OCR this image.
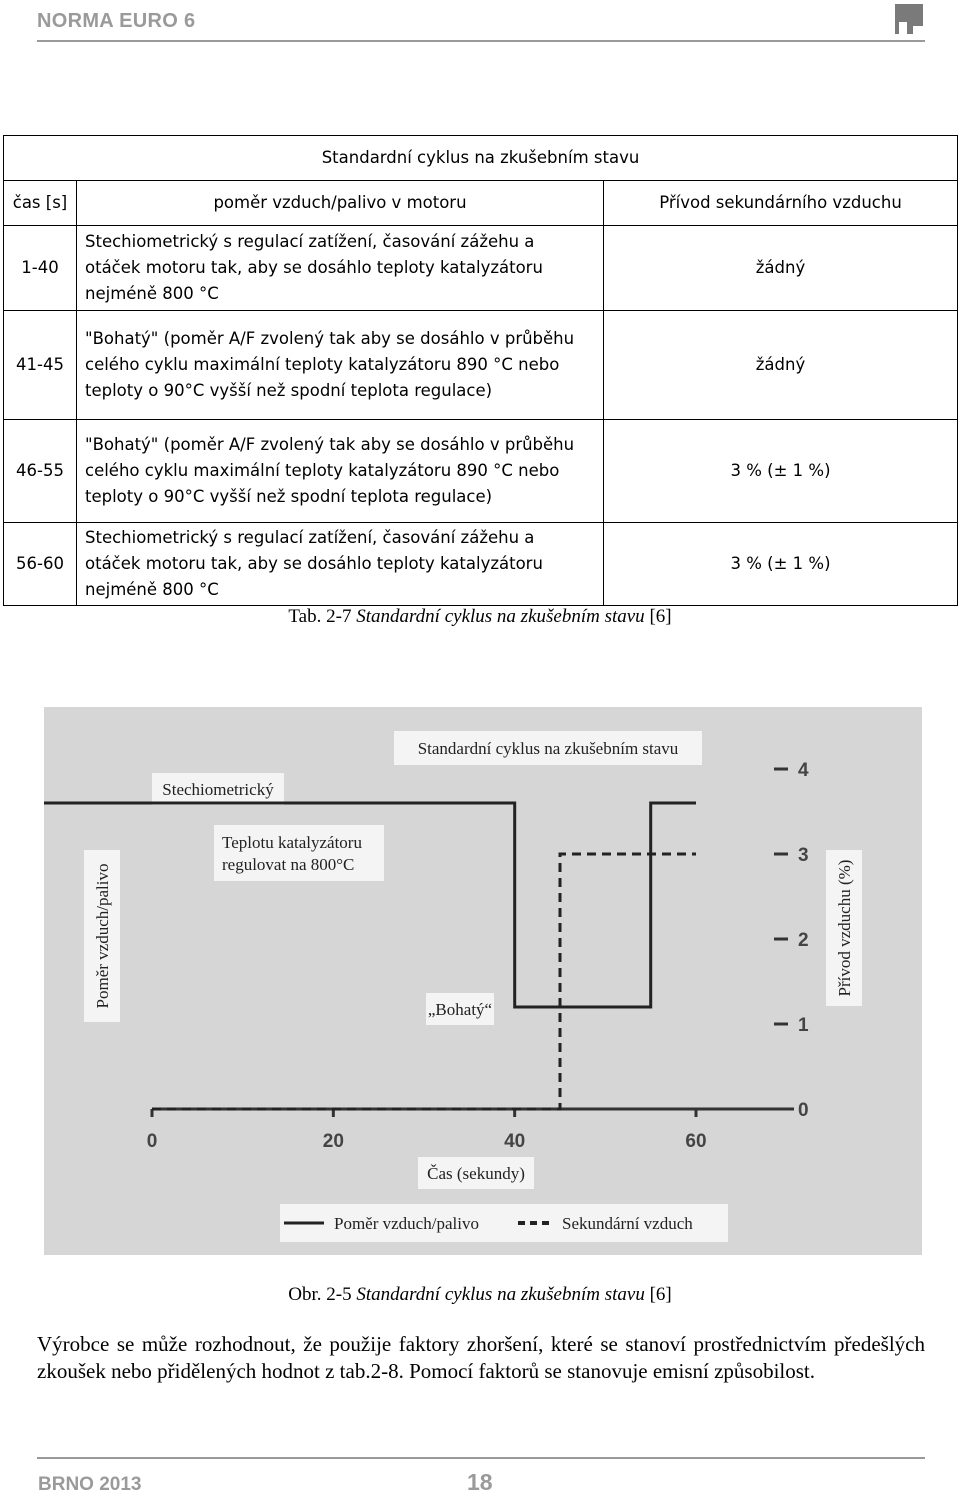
NORMA EURO 6
Standardní cyklus na zkušebním stavu		
čas [s]	poměr vzduch/palivo v motoru	Přívod sekundárního vzduchu
1-40	Stechiometrický s regulací zatížení, časování zážehu a otáček motoru tak, aby se dosáhlo teploty katalyzátoru nejméně 800 °C	žádný
41-45	"Bohatý" (poměr A/F zvolený tak aby se dosáhlo v průběhu celého cyklu maximální teploty katalyzátoru 890 °C nebo teploty o 90°C vyšší než spodní teplota regulace)	žádný
46-55	"Bohatý" (poměr A/F zvolený tak aby se dosáhlo v průběhu celého cyklu maximální teploty katalyzátoru 890 °C nebo teploty o 90°C vyšší než spodní teplota regulace)	3 % (± 1 %)
56-60	Stechiometrický s regulací zatížení, časování zážehu a otáček motoru tak, aby se dosáhlo teploty katalyzátoru nejméně 800 °C	3 % (± 1 %)
Tab. 2-7 Standardní cyklus na zkušebním stavu [6]
Standardní cyklus na zkušebním stavu
Stechiometrický
Teplotu katalyzátoru regulovat na 800°C
„Bohatý“
Poměr vzduch/palivo	Přívod vzduchu (%)
Čas (sekundy)
0	20	40	60
0
1
2
3
4
Poměr vzduch/palivo	Sekundární vzduch
Obr. 2-5 Standardní cyklus na zkušebním stavu [6]
Výrobce se může rozhodnout, že použije faktory zhoršení, které se stanoví prostřednictvím předešlých zkoušek nebo přidělených hodnot z tab.2-8. Pomocí faktorů se stanovuje emisní způsobilost.
BRNO 2013	18
